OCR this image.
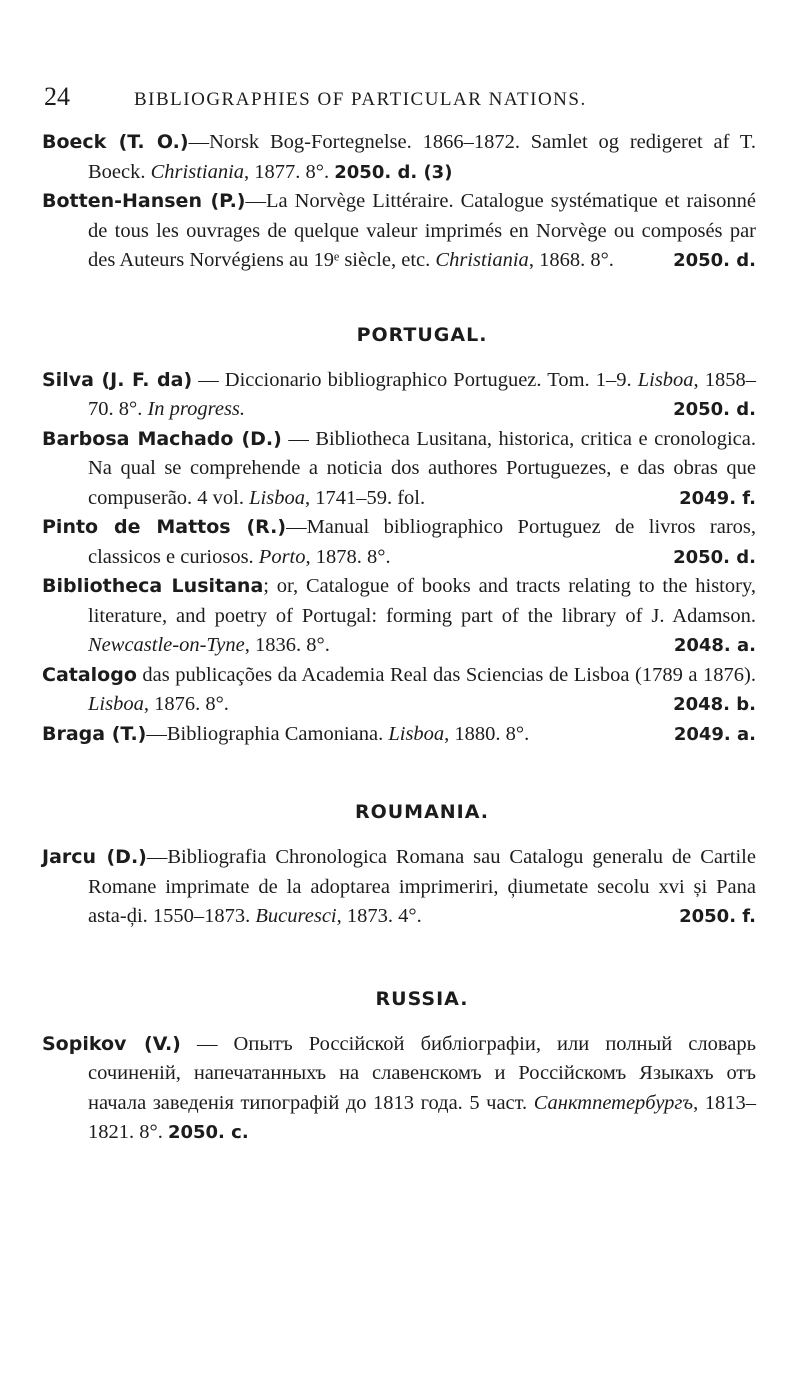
24	BIBLIOGRAPHIES OF PARTICULAR NATIONS.

Boeck (T. O.)—Norsk Bog-Fortegnelse. 1866–1872. Samlet og redigeret af T. Boeck. Christiania, 1877. 8°. 2050. d. (3)

Botten-Hansen (P.)—La Norvège Littéraire. Catalogue systématique et raisonné de tous les ouvrages de quelque valeur imprimés en Norvège ou composés par des Auteurs Norvégiens au 19ᵉ siècle, etc. Christiania, 1868. 8°.	2050. d.

PORTUGAL.

Silva (J. F. da) — Diccionario bibliographico Portuguez. Tom. 1–9. Lisboa, 1858–70. 8°. In progress.	2050. d.

Barbosa Machado (D.) — Bibliotheca Lusitana, historica, critica e cronologica. Na qual se comprehende a noticia dos authores Portuguezes, e das obras que compuserão. 4 vol. Lisboa, 1741–59. fol.	2049. f.

Pinto de Mattos (R.)—Manual bibliographico Portuguez de livros raros, classicos e curiosos. Porto, 1878. 8°.	2050. d.

Bibliotheca Lusitana; or, Catalogue of books and tracts relating to the history, literature, and poetry of Portugal: forming part of the library of J. Adamson. Newcastle-on-Tyne, 1836. 8°.	2048. a.

Catalogo das publicações da Academia Real das Sciencias de Lisboa (1789 a 1876). Lisboa, 1876. 8°.	2048. b.

Braga (T.)—Bibliographia Camoniana. Lisboa, 1880. 8°.	2049. a.

ROUMANIA.

Jarcu (D.)—Bibliografia Chronologica Romana sau Catalogu generalu de Cartile Romane imprimate de la adoptarea imprimeriri, ḑiumetate secolu xvi și Pana asta-ḑi. 1550–1873. Bucuresci, 1873. 4°.	2050. f.

RUSSIA.

Sopikov (V.) — Опытъ Россійской библіографіи, или полный словарь сочиненій, напечатанныхъ на славенскомъ и Россійскомъ Языкахъ отъ начала заведенія типографій до 1813 года. 5 част. Санктпетербургъ, 1813–1821. 8°. 2050. c.
